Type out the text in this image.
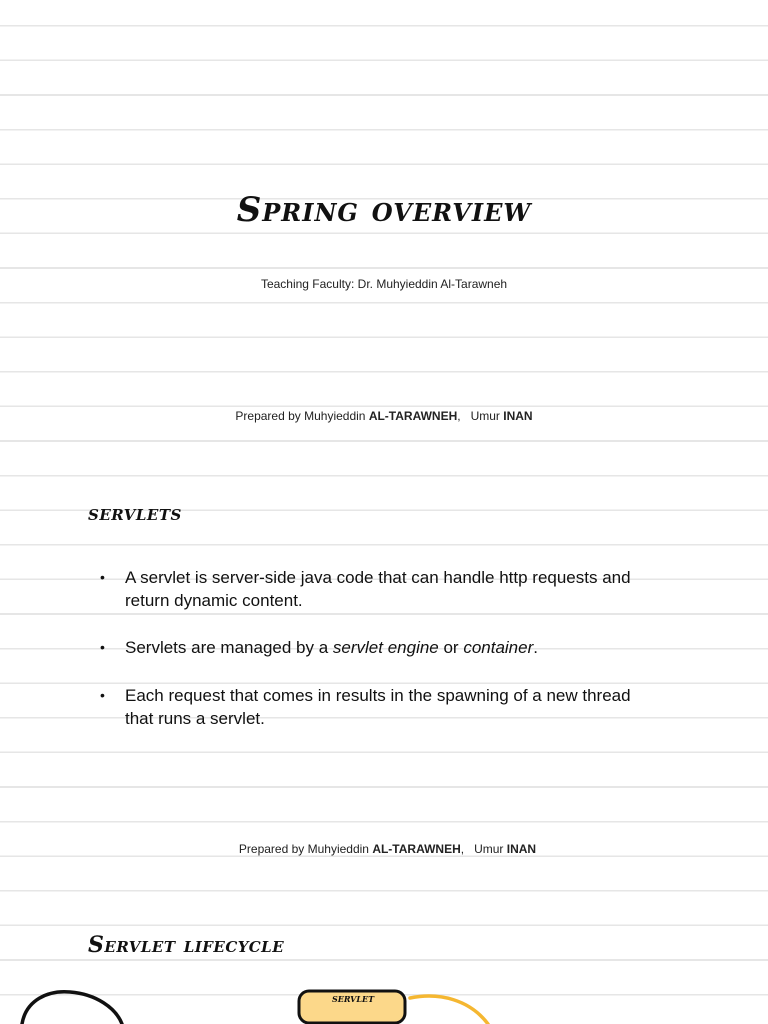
Spring overview
Teaching Faculty: Dr. Muhyieddin Al-Tarawneh
Prepared by Muhyieddin AL-TARAWNEH,   Umur INAN
servlets
• A servlet is server-side java code that can handle http requests and return dynamic content.
• Servlets are managed by a servlet engine or container.
• Each request that comes in results in the spawning of a new thread that runs a servlet.
Prepared by Muhyieddin AL-TARAWNEH,   Umur INAN
Servlet lifecycle
servlet
